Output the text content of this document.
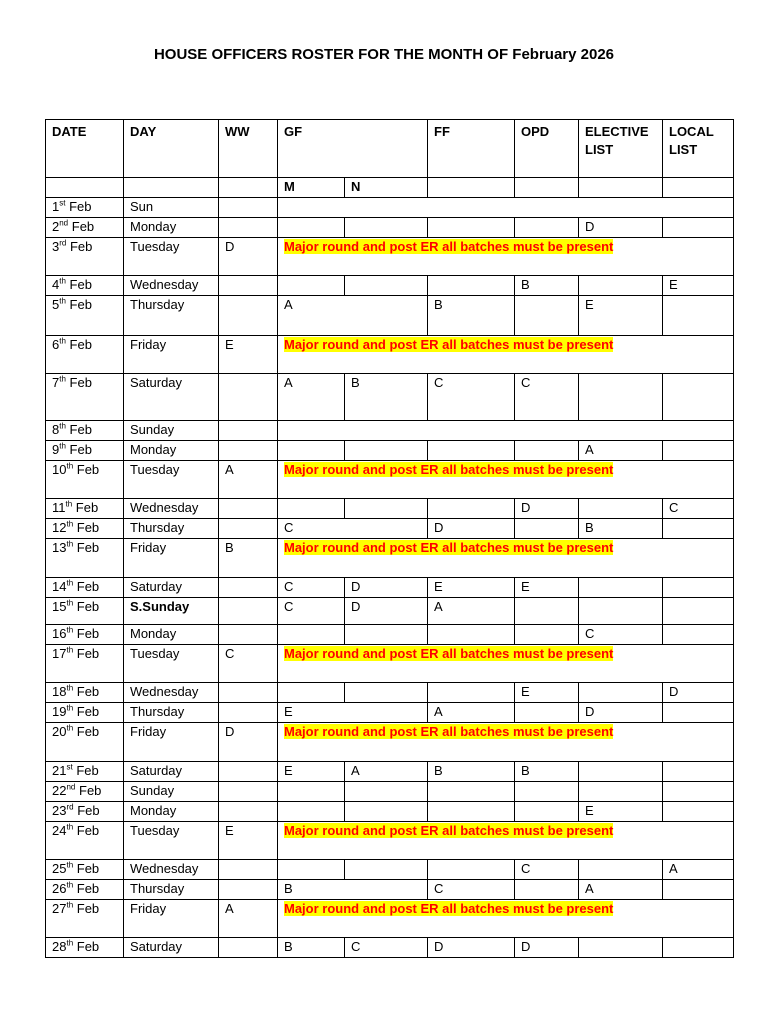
HOUSE OFFICERS ROSTER FOR THE MONTH OF February 2026
DATE	DAY	WW	GF		FF	OPD	ELECTIVE LIST	LOCAL LIST
			M	N				
1st Feb	Sun							
2nd Feb	Monday						D	
3rd Feb	Tuesday	D	Major round and post ER all batches must be present					
4th Feb	Wednesday					B		E
5th Feb	Thursday		A		B		E	
6th Feb	Friday	E	Major round and post ER all batches must be present					
7th Feb	Saturday		A	B	C	C		
8th Feb	Sunday							
9th Feb	Monday						A	
10th Feb	Tuesday	A	Major round and post ER all batches must be present					
11th Feb	Wednesday					D		C
12th Feb	Thursday		C		D		B	
13th Feb	Friday	B	Major round and post ER all batches must be present					
14th Feb	Saturday		C	D	E	E		
15th Feb	S.Sunday		C	D	A			
16th Feb	Monday						C	
17th Feb	Tuesday	C	Major round and post ER all batches must be present					
18th Feb	Wednesday					E		D
19th Feb	Thursday		E		A		D	
20th Feb	Friday	D	Major round and post ER all batches must be present					
21st Feb	Saturday		E	A	B	B		
22nd Feb	Sunday							
23rd Feb	Monday						E	
24th Feb	Tuesday	E	Major round and post ER all batches must be present					
25th Feb	Wednesday					C		A
26th Feb	Thursday		B		C		A	
27th Feb	Friday	A	Major round and post ER all batches must be present					
28th Feb	Saturday		B	C	D	D		
